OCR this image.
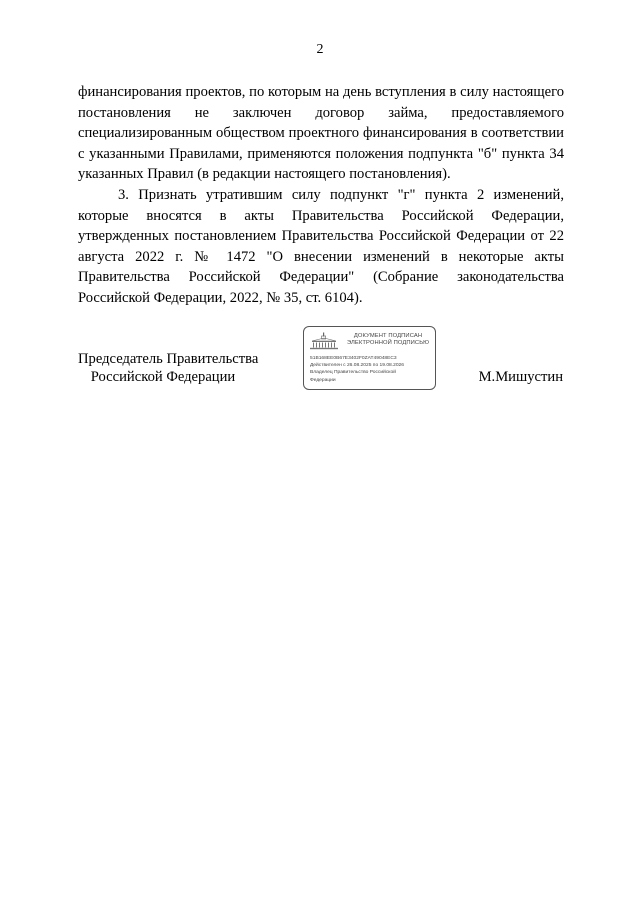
2

финансирования проектов, по которым на день вступления в силу настоящего постановления не заключен договор займа, предоставляемого специализированным обществом проектного финансирования в соответствии с указанными Правилами, применяются положения подпункта "б" пункта 34 указанных Правил (в редакции настоящего постановления).

3. Признать утратившим силу подпункт "г" пункта 2 изменений, которые вносятся в акты Правительства Российской Федерации, утвержденных постановлением Правительства Российской Федерации от 22 августа 2022 г. № 1472 "О внесении изменений в некоторые акты Правительства Российской Федерации" (Собрание законодательства Российской Федерации, 2022, № 35, ст. 6104).

Председатель Правительства
Российской Федерации
ДОКУМЕНТ ПОДПИСАН
ЭЛЕКТРОННОЙ ПОДПИСЬЮ
51B168EE0B67E3402F0ZAT49048EC3
Действителен с 26.08.2025 по 19.08.2026
Владелец Правительство Российской
Федерации	М.Мишустин
